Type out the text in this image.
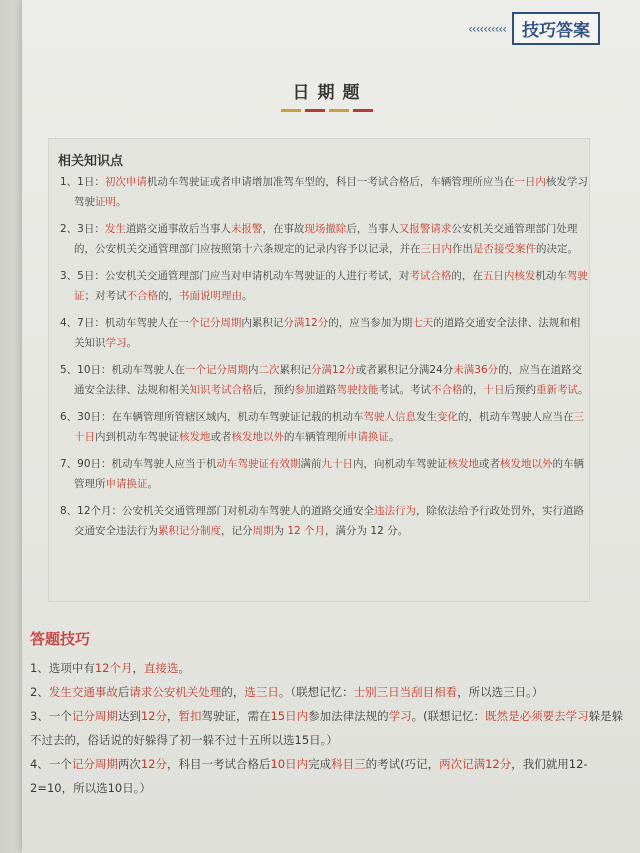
‹‹‹‹‹‹‹‹‹‹ 技巧答案
日期题
相关知识点
1、1日：初次申请机动车驾驶证或者申请增加准驾车型的，科目一考试合格后，车辆管理所应当在一日内核发学习驾驶证明。
2、3日：发生道路交通事故后当事人未报警，在事故现场撤除后，当事人又报警请求公安机关交通管理部门处理的，公安机关交通管理部门应按照第十六条规定的记录内容予以记录，并在三日内作出是否接受案件的决定。
3、5日：公安机关交通管理部门应当对申请机动车驾驶证的人进行考试，对考试合格的，在五日内核发机动车驾驶证；对考试不合格的，书面说明理由。
4、7日：机动车驾驶人在一个记分周期内累积记分满12分的，应当参加为期七天的道路交通安全法律、法规和相关知识学习。
5、10日：机动车驾驶人在一个记分周期内二次累积记分满12分或者累积记分满24分未满36分的，应当在道路交通安全法律、法规和相关知识考试合格后，预约参加道路驾驶技能考试。考试不合格的，十日后预约重新考试。
6、30日：在车辆管理所管辖区域内，机动车驾驶证记载的机动车驾驶人信息发生变化的，机动车驾驶人应当在三十日内到机动车驾驶证核发地或者核发地以外的车辆管理所申请换证。
7、90日：机动车驾驶人应当于机动车驾驶证有效期满前九十日内，向机动车驾驶证核发地或者核发地以外的车辆管理所申请换证。
8、12个月：公安机关交通管理部门对机动车驾驶人的道路交通安全违法行为，除依法给予行政处罚外，实行道路交通安全违法行为累积记分制度，记分周期为 12 个月，满分为 12 分。
答题技巧
1、选项中有12个月，直接选。
2、发生交通事故后请求公安机关处理的，选三日。（联想记忆：士别三日当刮目相看，所以选三日。）
3、一个记分周期达到12分，暂扣驾驶证，需在15日内参加法律法规的学习。(联想记忆：既然是必须要去学习躲是躲不过去的，俗话说的好躲得了初一躲不过十五所以选15日。）
4、一个记分周期两次12分，科目一考试合格后10日内完成科目三的考试(巧记，两次记满12分，我们就用12-2=10，所以选10日。）
